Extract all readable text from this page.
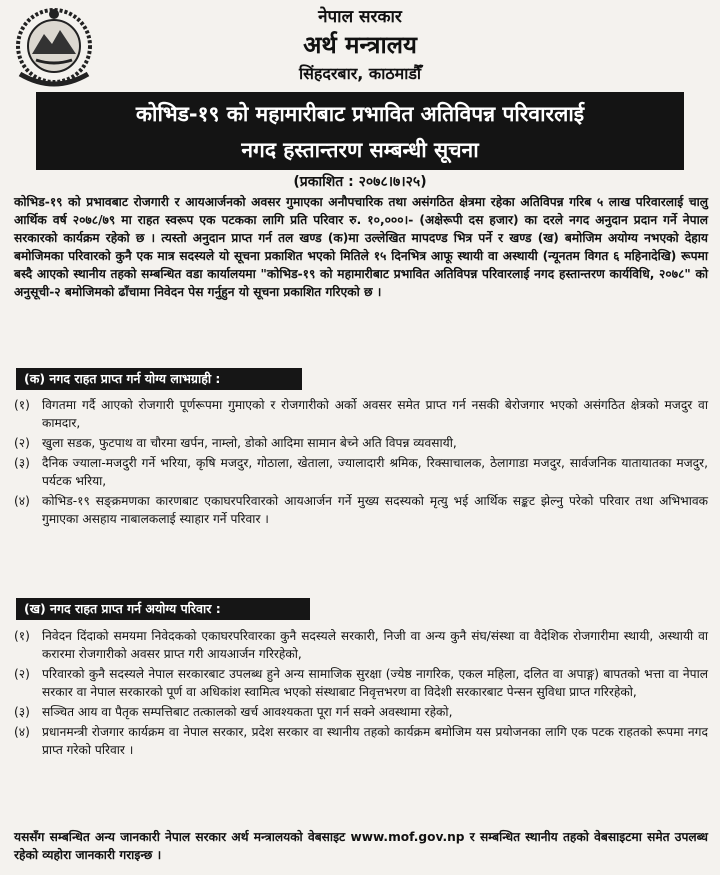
नेपाल सरकार
अर्थ मन्त्रालय
सिंहदरबार, काठमाडौँ
कोभिड-१९ को महामारीबाट प्रभावित अतिविपन्न परिवारलाई
नगद हस्तान्तरण सम्बन्धी सूचना
(प्रकाशित : २०७८।७।२५)
कोभिड-१९ को प्रभावबाट रोजगारी र आयआर्जनको अवसर गुमाएका अनौपचारिक तथा असंगठित क्षेत्रमा रहेका अतिविपन्न गरिब ५ लाख परिवारलाई चालु आर्थिक वर्ष २०७८/७९ मा राहत स्वरूप एक पटकका लागि प्रति परिवार रु. १०,०००।- (अक्षेरूपी दस हजार) का दरले नगद अनुदान प्रदान गर्ने नेपाल सरकारको कार्यक्रम रहेको छ । त्यस्तो अनुदान प्राप्त गर्न तल खण्ड (क)मा उल्लेखित मापदण्ड भित्र पर्ने र खण्ड (ख) बमोजिम अयोग्य नभएको देहाय बमोजिमका परिवारको कुनै एक मात्र सदस्यले यो सूचना प्रकाशित भएको मितिले १५ दिनभित्र आफू स्थायी वा अस्थायी (न्यूनतम विगत ६ महिनादेखि) रूपमा बस्दै आएको स्थानीय तहको सम्बन्धित वडा कार्यालयमा "कोभिड-१९ को महामारीबाट प्रभावित अतिविपन्न परिवारलाई नगद हस्तान्तरण कार्यविधि, २०७८" को अनुसूची-२ बमोजिमको ढाँचामा निवेदन पेस गर्नुहुन यो सूचना प्रकाशित गरिएको छ ।
(क) नगद राहत प्राप्त गर्न योग्य लाभग्राही :
(१) विगतमा गर्दै आएको रोजगारी पूर्णरूपमा गुमाएको र रोजगारीको अर्को अवसर समेत प्राप्त गर्न नसकी बेरोजगार भएको असंगठित क्षेत्रको मजदुर वा कामदार,
(२) खुला सडक, फुटपाथ वा चौरमा खर्पन, नाम्लो, डोको आदिमा सामान बेच्ने अति विपन्न व्यवसायी,
(३) दैनिक ज्याला-मजदुरी गर्ने भरिया, कृषि मजदुर, गोठाला, खेताला, ज्यालादारी श्रमिक, रिक्साचालक, ठेलागाडा मजदुर, सार्वजनिक यातायातका मजदुर, पर्यटक भरिया,
(४) कोभिड-१९ सङ्क्रमणका कारणबाट एकाघरपरिवारको आयआर्जन गर्ने मुख्य सदस्यको मृत्यु भई आर्थिक सङ्कट झेल्नु परेको परिवार तथा अभिभावक गुमाएका असहाय नाबालकलाई स्याहार गर्ने परिवार ।
(ख) नगद राहत प्राप्त गर्न अयोग्य परिवार :
(१) निवेदन दिंदाको समयमा निवेदकको एकाघरपरिवारका कुनै सदस्यले सरकारी, निजी वा अन्य कुनै संघ/संस्था वा वैदेशिक रोजगारीमा स्थायी, अस्थायी वा करारमा रोजगारीको अवसर प्राप्त गरी आयआर्जन गरिरहेको,
(२) परिवारको कुनै सदस्यले नेपाल सरकारबाट उपलब्ध हुने अन्य सामाजिक सुरक्षा (ज्येष्ठ नागरिक, एकल महिला, दलित वा अपाङ्ग) बापतको भत्ता वा नेपाल सरकार वा नेपाल सरकारको पूर्ण वा अधिकांश स्वामित्व भएको संस्थाबाट निवृत्तभरण वा विदेशी सरकारबाट पेन्सन सुविधा प्राप्त गरिरहेको,
(३) सञ्चित आय वा पैतृक सम्पत्तिबाट तत्कालको खर्च आवश्यकता पूरा गर्न सक्ने अवस्थामा रहेको,
(४) प्रधानमन्त्री रोजगार कार्यक्रम वा नेपाल सरकार, प्रदेश सरकार वा स्थानीय तहको कार्यक्रम बमोजिम यस प्रयोजनका लागि एक पटक राहतको रूपमा नगद प्राप्त गरेको परिवार ।
यससँग सम्बन्धित अन्य जानकारी नेपाल सरकार अर्थ मन्त्रालयको वेबसाइट www.mof.gov.np र सम्बन्धित स्थानीय तहको वेबसाइटमा समेत उपलब्ध रहेको व्यहोरा जानकारी गराइन्छ ।
